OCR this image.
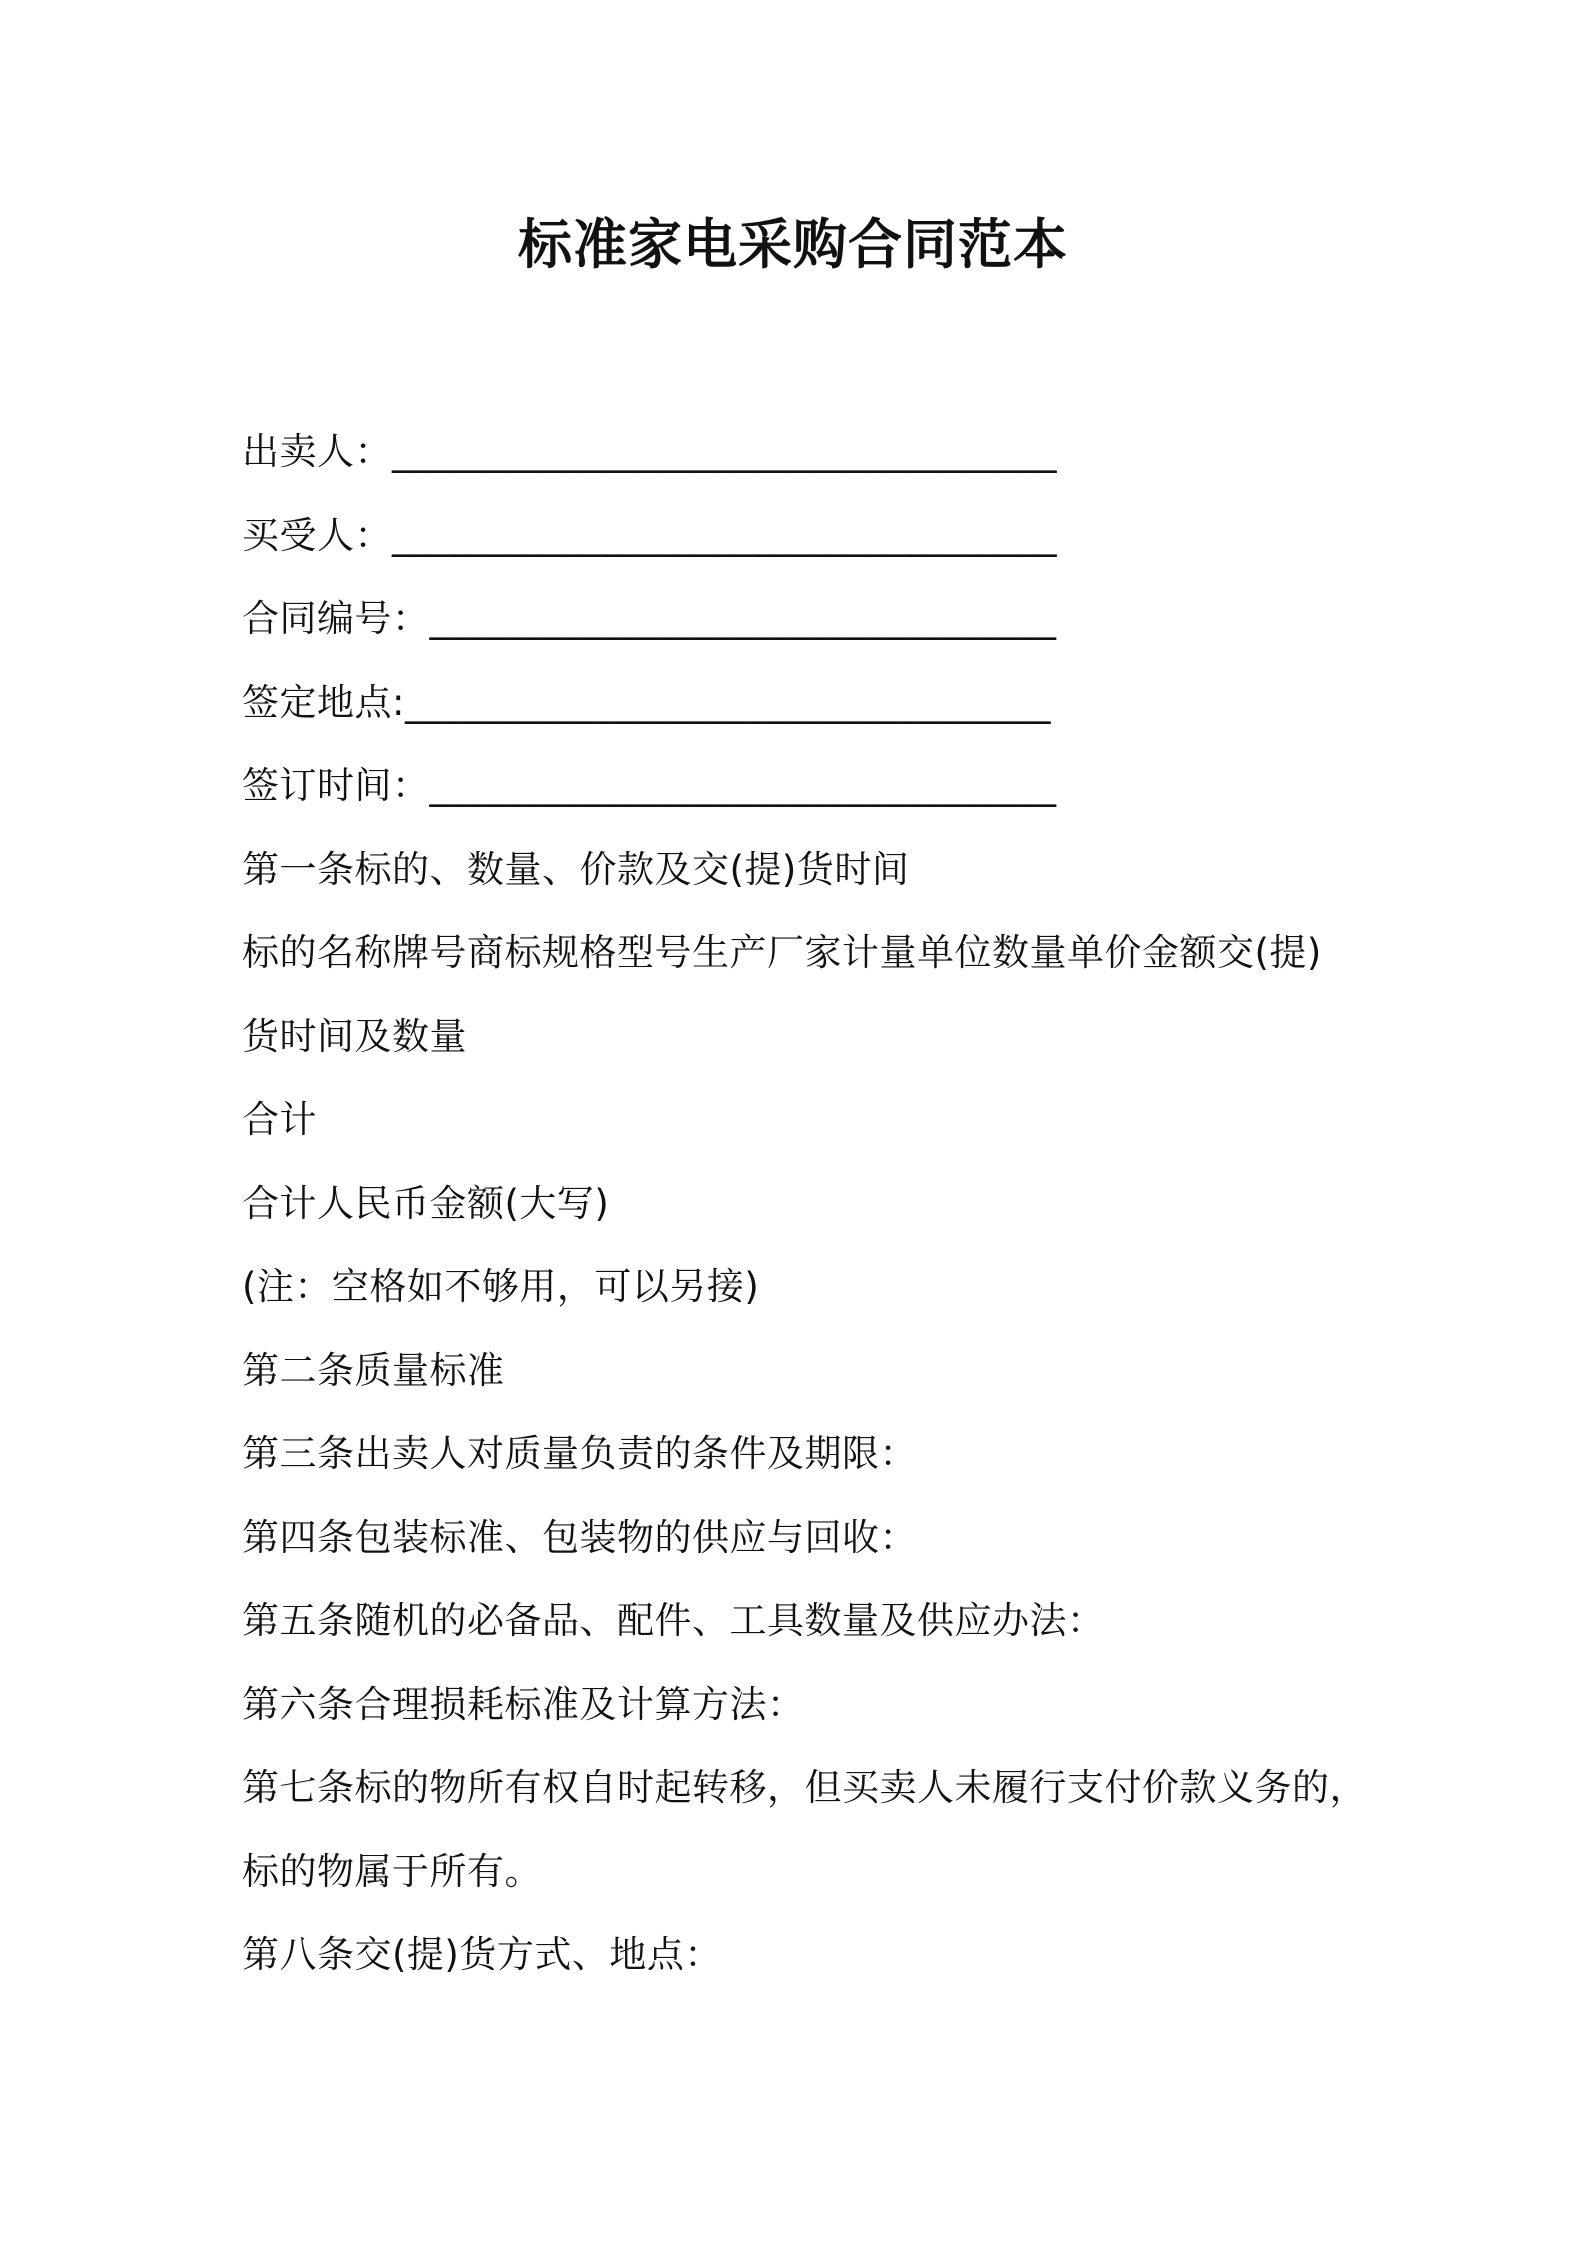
标准家电采购合同范本
出卖人：___________________________________
买受人：___________________________________
合同编号：_________________________________
签定地点:__________________________________
签订时间：_________________________________
第一条标的、数量、价款及交(提)货时间
标的名称牌号商标规格型号生产厂家计量单位数量单价金额交(提)
货时间及数量
合计
合计人民币金额(大写)
(注：空格如不够用，可以另接)
第二条质量标准
第三条出卖人对质量负责的条件及期限：
第四条包装标准、包装物的供应与回收：
第五条随机的必备品、配件、工具数量及供应办法：
第六条合理损耗标准及计算方法：
第七条标的物所有权自时起转移，但买卖人未履行支付价款义务的，
标的物属于所有。
第八条交(提)货方式、地点：
